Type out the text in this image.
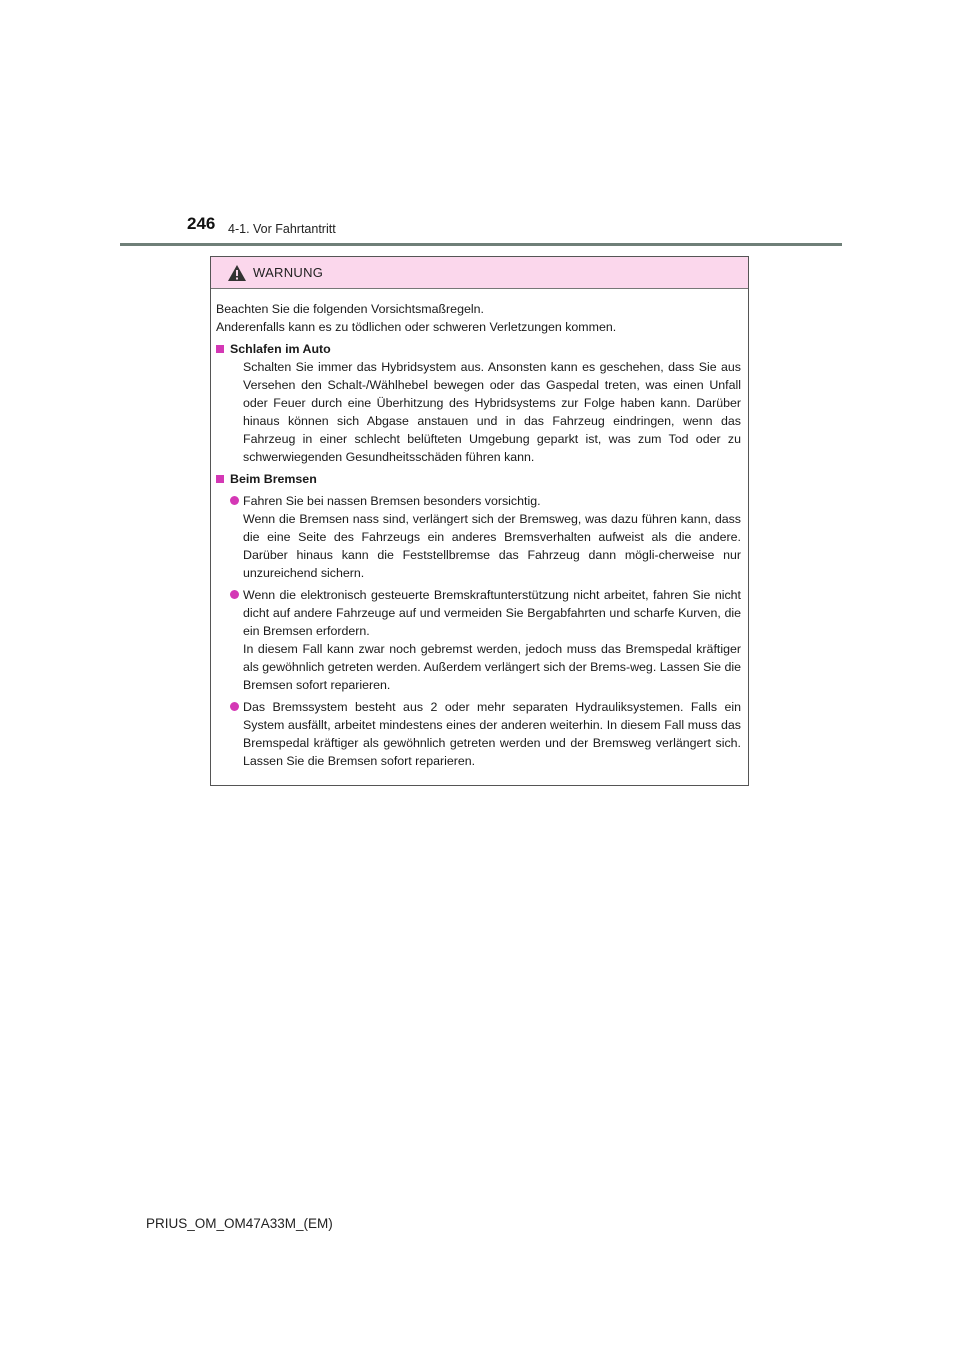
246 4-1. Vor Fahrtantritt
WARNUNG
Beachten Sie die folgenden Vorsichtsmaßregeln.
Anderenfalls kann es zu tödlichen oder schweren Verletzungen kommen.
Schlafen im Auto
Schalten Sie immer das Hybridsystem aus. Ansonsten kann es geschehen, dass Sie aus Versehen den Schalt-/Wählhebel bewegen oder das Gaspedal treten, was einen Unfall oder Feuer durch eine Überhitzung des Hybridsystems zur Folge haben kann. Darüber hinaus können sich Abgase anstauen und in das Fahrzeug eindringen, wenn das Fahrzeug in einer schlecht belüfteten Umgebung geparkt ist, was zum Tod oder zu schwerwiegenden Gesundheitsschäden führen kann.
Beim Bremsen

Fahren Sie bei nassen Bremsen besonders vorsichtig.

Wenn die Bremsen nass sind, verlängert sich der Bremsweg, was dazu führen kann, dass die eine Seite des Fahrzeugs ein anderes Bremsverhalten aufweist als die andere. Darüber hinaus kann die Feststellbremse das Fahrzeug dann mögli-cherweise nur unzureichend sichern.

Wenn die elektronisch gesteuerte Bremskraftunterstützung nicht arbeitet, fahren Sie nicht dicht auf andere Fahrzeuge auf und vermeiden Sie Bergabfahrten und scharfe Kurven, die ein Bremsen erfordern.

In diesem Fall kann zwar noch gebremst werden, jedoch muss das Bremspedal kräftiger als gewöhnlich getreten werden. Außerdem verlängert sich der Brems-weg. Lassen Sie die Bremsen sofort reparieren.

Das Bremssystem besteht aus 2 oder mehr separaten Hydrauliksystemen. Falls ein System ausfällt, arbeitet mindestens eines der anderen weiterhin. In diesem Fall muss das Bremspedal kräftiger als gewöhnlich getreten werden und der Bremsweg verlängert sich. Lassen Sie die Bremsen sofort reparieren.

PRIUS_OM_OM47A33M_(EM)
